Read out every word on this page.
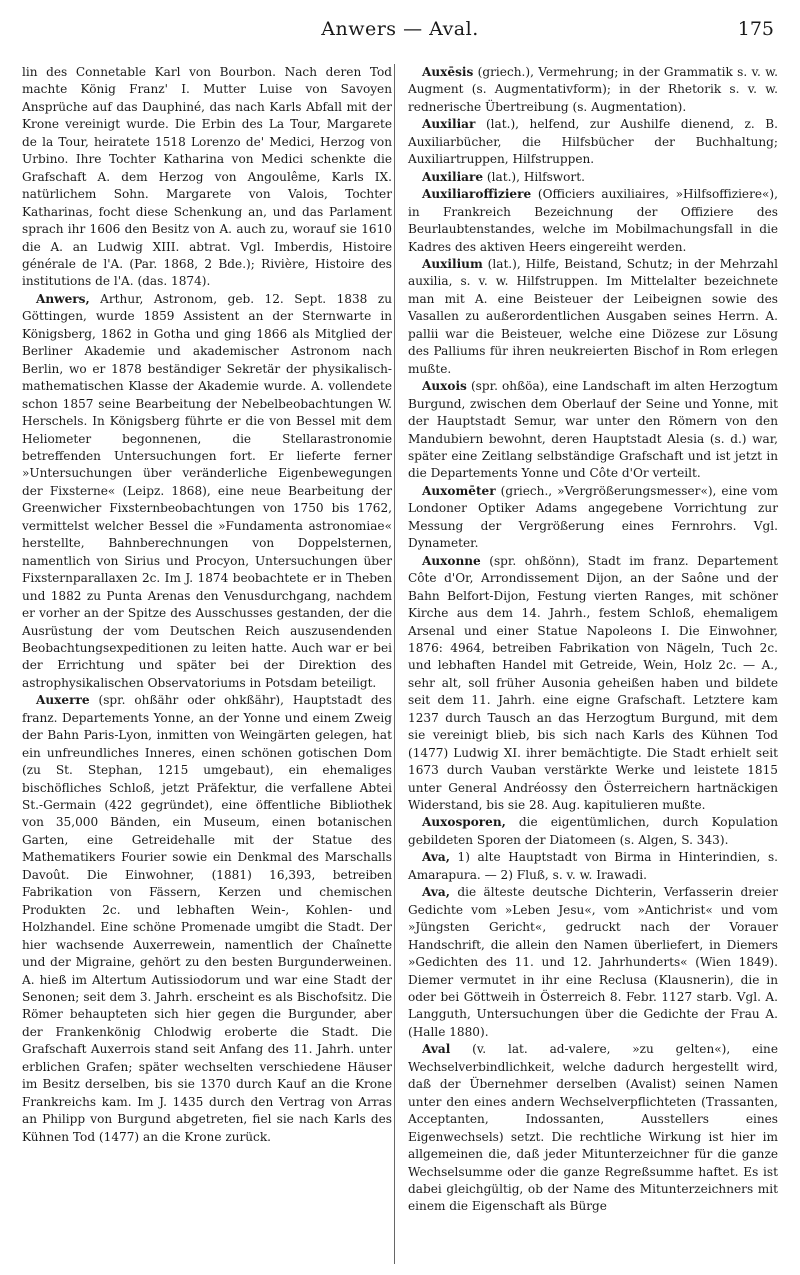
Anwers — Aval.	175

lin des Connetable Karl von Bourbon. Nach deren Tod machte König Franz' I. Mutter Luise von Savoyen Ansprüche auf das Dauphiné, das nach Karls Abfall mit der Krone vereinigt wurde. Die Erbin des La Tour, Margarete de la Tour, heiratete 1518 Lorenzo de' Medici, Herzog von Urbino. Ihre Tochter Katharina von Medici schenkte die Grafschaft A. dem Herzog von Angoulême, Karls IX. natürlichem Sohn. Margarete von Valois, Tochter Katharinas, focht diese Schenkung an, und das Parlament sprach ihr 1606 den Besitz von A. auch zu, worauf sie 1610 die A. an Ludwig XIII. abtrat. Vgl. Imberdis, Histoire générale de l'A. (Par. 1868, 2 Bde.); Rivière, Histoire des institutions de l'A. (das. 1874).

Anwers, Arthur, Astronom, geb. 12. Sept. 1838 zu Göttingen, wurde 1859 Assistent an der Sternwarte in Königsberg, 1862 in Gotha und ging 1866 als Mitglied der Berliner Akademie und akademischer Astronom nach Berlin, wo er 1878 beständiger Sekretär der physikalisch-mathematischen Klasse der Akademie wurde. A. vollendete schon 1857 seine Bearbeitung der Nebelbeobachtungen W. Herschels. In Königsberg führte er die von Bessel mit dem Heliometer begonnenen, die Stellarastronomie betreffenden Untersuchungen fort. Er lieferte ferner »Untersuchungen über veränderliche Eigenbewegungen der Fixsterne« (Leipz. 1868), eine neue Bearbeitung der Greenwicher Fixsternbeobachtungen von 1750 bis 1762, vermittelst welcher Bessel die »Fundamenta astronomiae« herstellte, Bahnberechnungen von Doppelsternen, namentlich von Sirius und Procyon, Untersuchungen über Fixsternparallaxen 2c. Im J. 1874 beobachtete er in Theben und 1882 zu Punta Arenas den Venusdurchgang, nachdem er vorher an der Spitze des Ausschusses gestanden, der die Ausrüstung der vom Deutschen Reich auszusendenden Beobachtungsexpeditionen zu leiten hatte. Auch war er bei der Errichtung und später bei der Direktion des astrophysikalischen Observatoriums in Potsdam beteiligt.

Auxerre (spr. ohßähr oder ohkßähr), Hauptstadt des franz. Departements Yonne, an der Yonne und einem Zweig der Bahn Paris-Lyon, inmitten von Weingärten gelegen, hat ein unfreundliches Inneres, einen schönen gotischen Dom (zu St. Stephan, 1215 umgebaut), ein ehemaliges bischöfliches Schloß, jetzt Präfektur, die verfallene Abtei St.-Germain (422 gegründet), eine öffentliche Bibliothek von 35,000 Bänden, ein Museum, einen botanischen Garten, eine Getreidehalle mit der Statue des Mathematikers Fourier sowie ein Denkmal des Marschalls Davoût. Die Einwohner, (1881) 16,393, betreiben Fabrikation von Fässern, Kerzen und chemischen Produkten 2c. und lebhaften Wein-, Kohlen- und Holzhandel. Eine schöne Promenade umgibt die Stadt. Der hier wachsende Auxerrewein, namentlich der Chaînette und der Migraine, gehört zu den besten Burgunderweinen. A. hieß im Altertum Autissiodorum und war eine Stadt der Senonen; seit dem 3. Jahrh. erscheint es als Bischofsitz. Die Römer behaupteten sich hier gegen die Burgunder, aber der Frankenkönig Chlodwig eroberte die Stadt. Die Grafschaft Auxerrois stand seit Anfang des 11. Jahrh. unter erblichen Grafen; später wechselten verschiedene Häuser im Besitz derselben, bis sie 1370 durch Kauf an die Krone Frankreichs kam. Im J. 1435 durch den Vertrag von Arras an Philipp von Burgund abgetreten, fiel sie nach Karls des Kühnen Tod (1477) an die Krone zurück.

Auxēsis (griech.), Vermehrung; in der Grammatik s. v. w. Augment (s. Augmentativform); in der Rhetorik s. v. w. rednerische Übertreibung (s. Augmentation).

Auxiliar (lat.), helfend, zur Aushilfe dienend, z. B. Auxiliarbücher, die Hilfsbücher der Buchhaltung; Auxiliartruppen, Hilfstruppen.

Auxiliare (lat.), Hilfswort.

Auxiliaroffiziere (Officiers auxiliaires, »Hilfsoffiziere«), in Frankreich Bezeichnung der Offiziere des Beurlaubtenstandes, welche im Mobilmachungsfall in die Kadres des aktiven Heers eingereiht werden.

Auxilium (lat.), Hilfe, Beistand, Schutz; in der Mehrzahl auxilia, s. v. w. Hilfstruppen. Im Mittelalter bezeichnete man mit A. eine Beisteuer der Leibeignen sowie des Vasallen zu außerordentlichen Ausgaben seines Herrn. A. pallii war die Beisteuer, welche eine Diözese zur Lösung des Palliums für ihren neukreierten Bischof in Rom erlegen mußte.

Auxois (spr. ohßöa), eine Landschaft im alten Herzogtum Burgund, zwischen dem Oberlauf der Seine und Yonne, mit der Hauptstadt Semur, war unter den Römern von den Mandubiern bewohnt, deren Hauptstadt Alesia (s. d.) war, später eine Zeitlang selbständige Grafschaft und ist jetzt in die Departements Yonne und Côte d'Or verteilt.

Auxomēter (griech., »Vergrößerungsmesser«), eine vom Londoner Optiker Adams angegebene Vorrichtung zur Messung der Vergrößerung eines Fernrohrs. Vgl. Dynameter.

Auxonne (spr. ohßönn), Stadt im franz. Departement Côte d'Or, Arrondissement Dijon, an der Saône und der Bahn Belfort-Dijon, Festung vierten Ranges, mit schöner Kirche aus dem 14. Jahrh., festem Schloß, ehemaligem Arsenal und einer Statue Napoleons I. Die Einwohner, 1876: 4964, betreiben Fabrikation von Nägeln, Tuch 2c. und lebhaften Handel mit Getreide, Wein, Holz 2c. — A., sehr alt, soll früher Ausonia geheißen haben und bildete seit dem 11. Jahrh. eine eigne Grafschaft. Letztere kam 1237 durch Tausch an das Herzogtum Burgund, mit dem sie vereinigt blieb, bis sich nach Karls des Kühnen Tod (1477) Ludwig XI. ihrer bemächtigte. Die Stadt erhielt seit 1673 durch Vauban verstärkte Werke und leistete 1815 unter General Andréossy den Österreichern hartnäckigen Widerstand, bis sie 28. Aug. kapitulieren mußte.

Auxosporen, die eigentümlichen, durch Kopulation gebildeten Sporen der Diatomeen (s. Algen, S. 343).

Ava, 1) alte Hauptstadt von Birma in Hinterindien, s. Amarapura. — 2) Fluß, s. v. w. Irawadi.

Ava, die älteste deutsche Dichterin, Verfasserin dreier Gedichte vom »Leben Jesu«, vom »Antichrist« und vom »Jüngsten Gericht«, gedruckt nach der Vorauer Handschrift, die allein den Namen überliefert, in Diemers »Gedichten des 11. und 12. Jahrhunderts« (Wien 1849). Diemer vermutet in ihr eine Reclusa (Klausnerin), die in oder bei Göttweih in Österreich 8. Febr. 1127 starb. Vgl. A. Langguth, Untersuchungen über die Gedichte der Frau A. (Halle 1880).

Aval (v. lat. ad-valere, »zu gelten«), eine Wechselverbindlichkeit, welche dadurch hergestellt wird, daß der Übernehmer derselben (Avalist) seinen Namen unter den eines andern Wechselverpflichteten (Trassanten, Acceptanten, Indossanten, Ausstellers eines Eigenwechsels) setzt. Die rechtliche Wirkung ist hier im allgemeinen die, daß jeder Mitunterzeichner für die ganze Wechselsumme oder die ganze Regreßsumme haftet. Es ist dabei gleichgültig, ob der Name des Mitunterzeichners mit einem die Eigenschaft als Bürge
